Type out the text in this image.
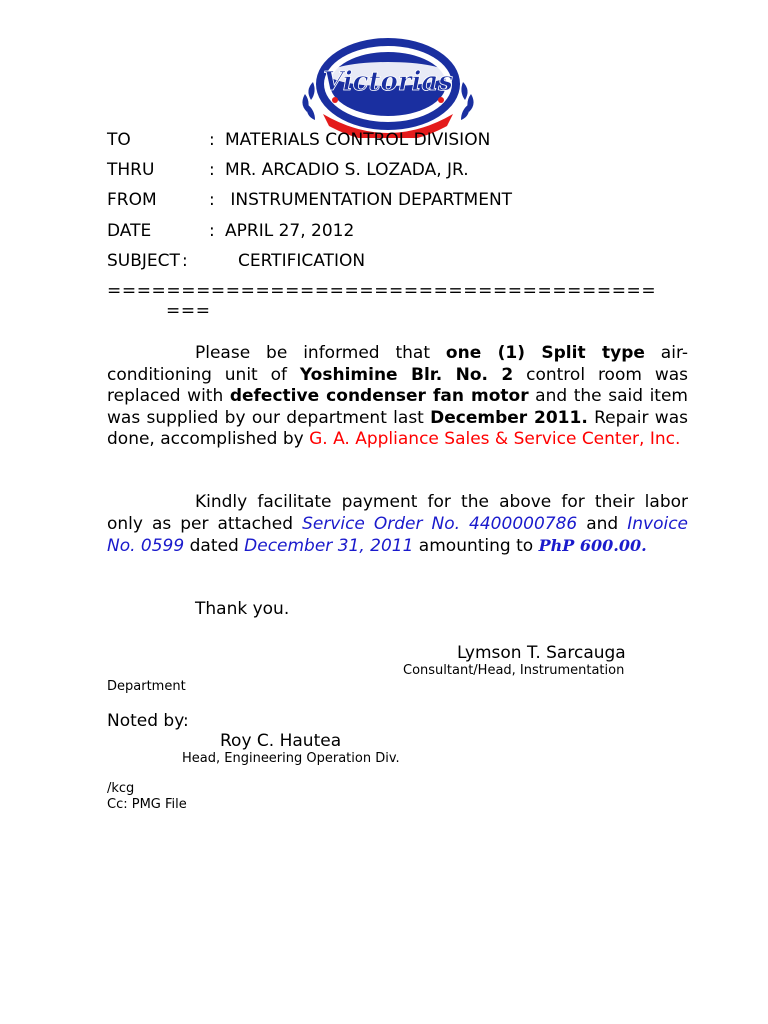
Victorias
TO	: MATERIALS CONTROL DIVISION
THRU	: MR. ARCADIO S. LOZADA, JR.
FROM	: INSTRUMENTATION DEPARTMENT
DATE	: APRIL 27, 2012
SUBJECT :	CERTIFICATION
=====================================
===
Please be informed that one (1) Split type air-conditioning unit of Yoshimine Blr. No. 2 control room was replaced with defective condenser fan motor and the said item was supplied by our department last December 2011. Repair was done, accomplished by G. A. Appliance Sales & Service Center, Inc.
Kindly facilitate payment for the above for their labor only as per attached Service Order No. 4400000786 and Invoice No. 0599 dated December 31, 2011 amounting to PhP 600.00.
Thank you.
Lymson T. Sarcauga
Consultant/Head, Instrumentation
Department
Noted by:
Roy C. Hautea
Head, Engineering Operation Div.
/kcg
Cc: PMG File
